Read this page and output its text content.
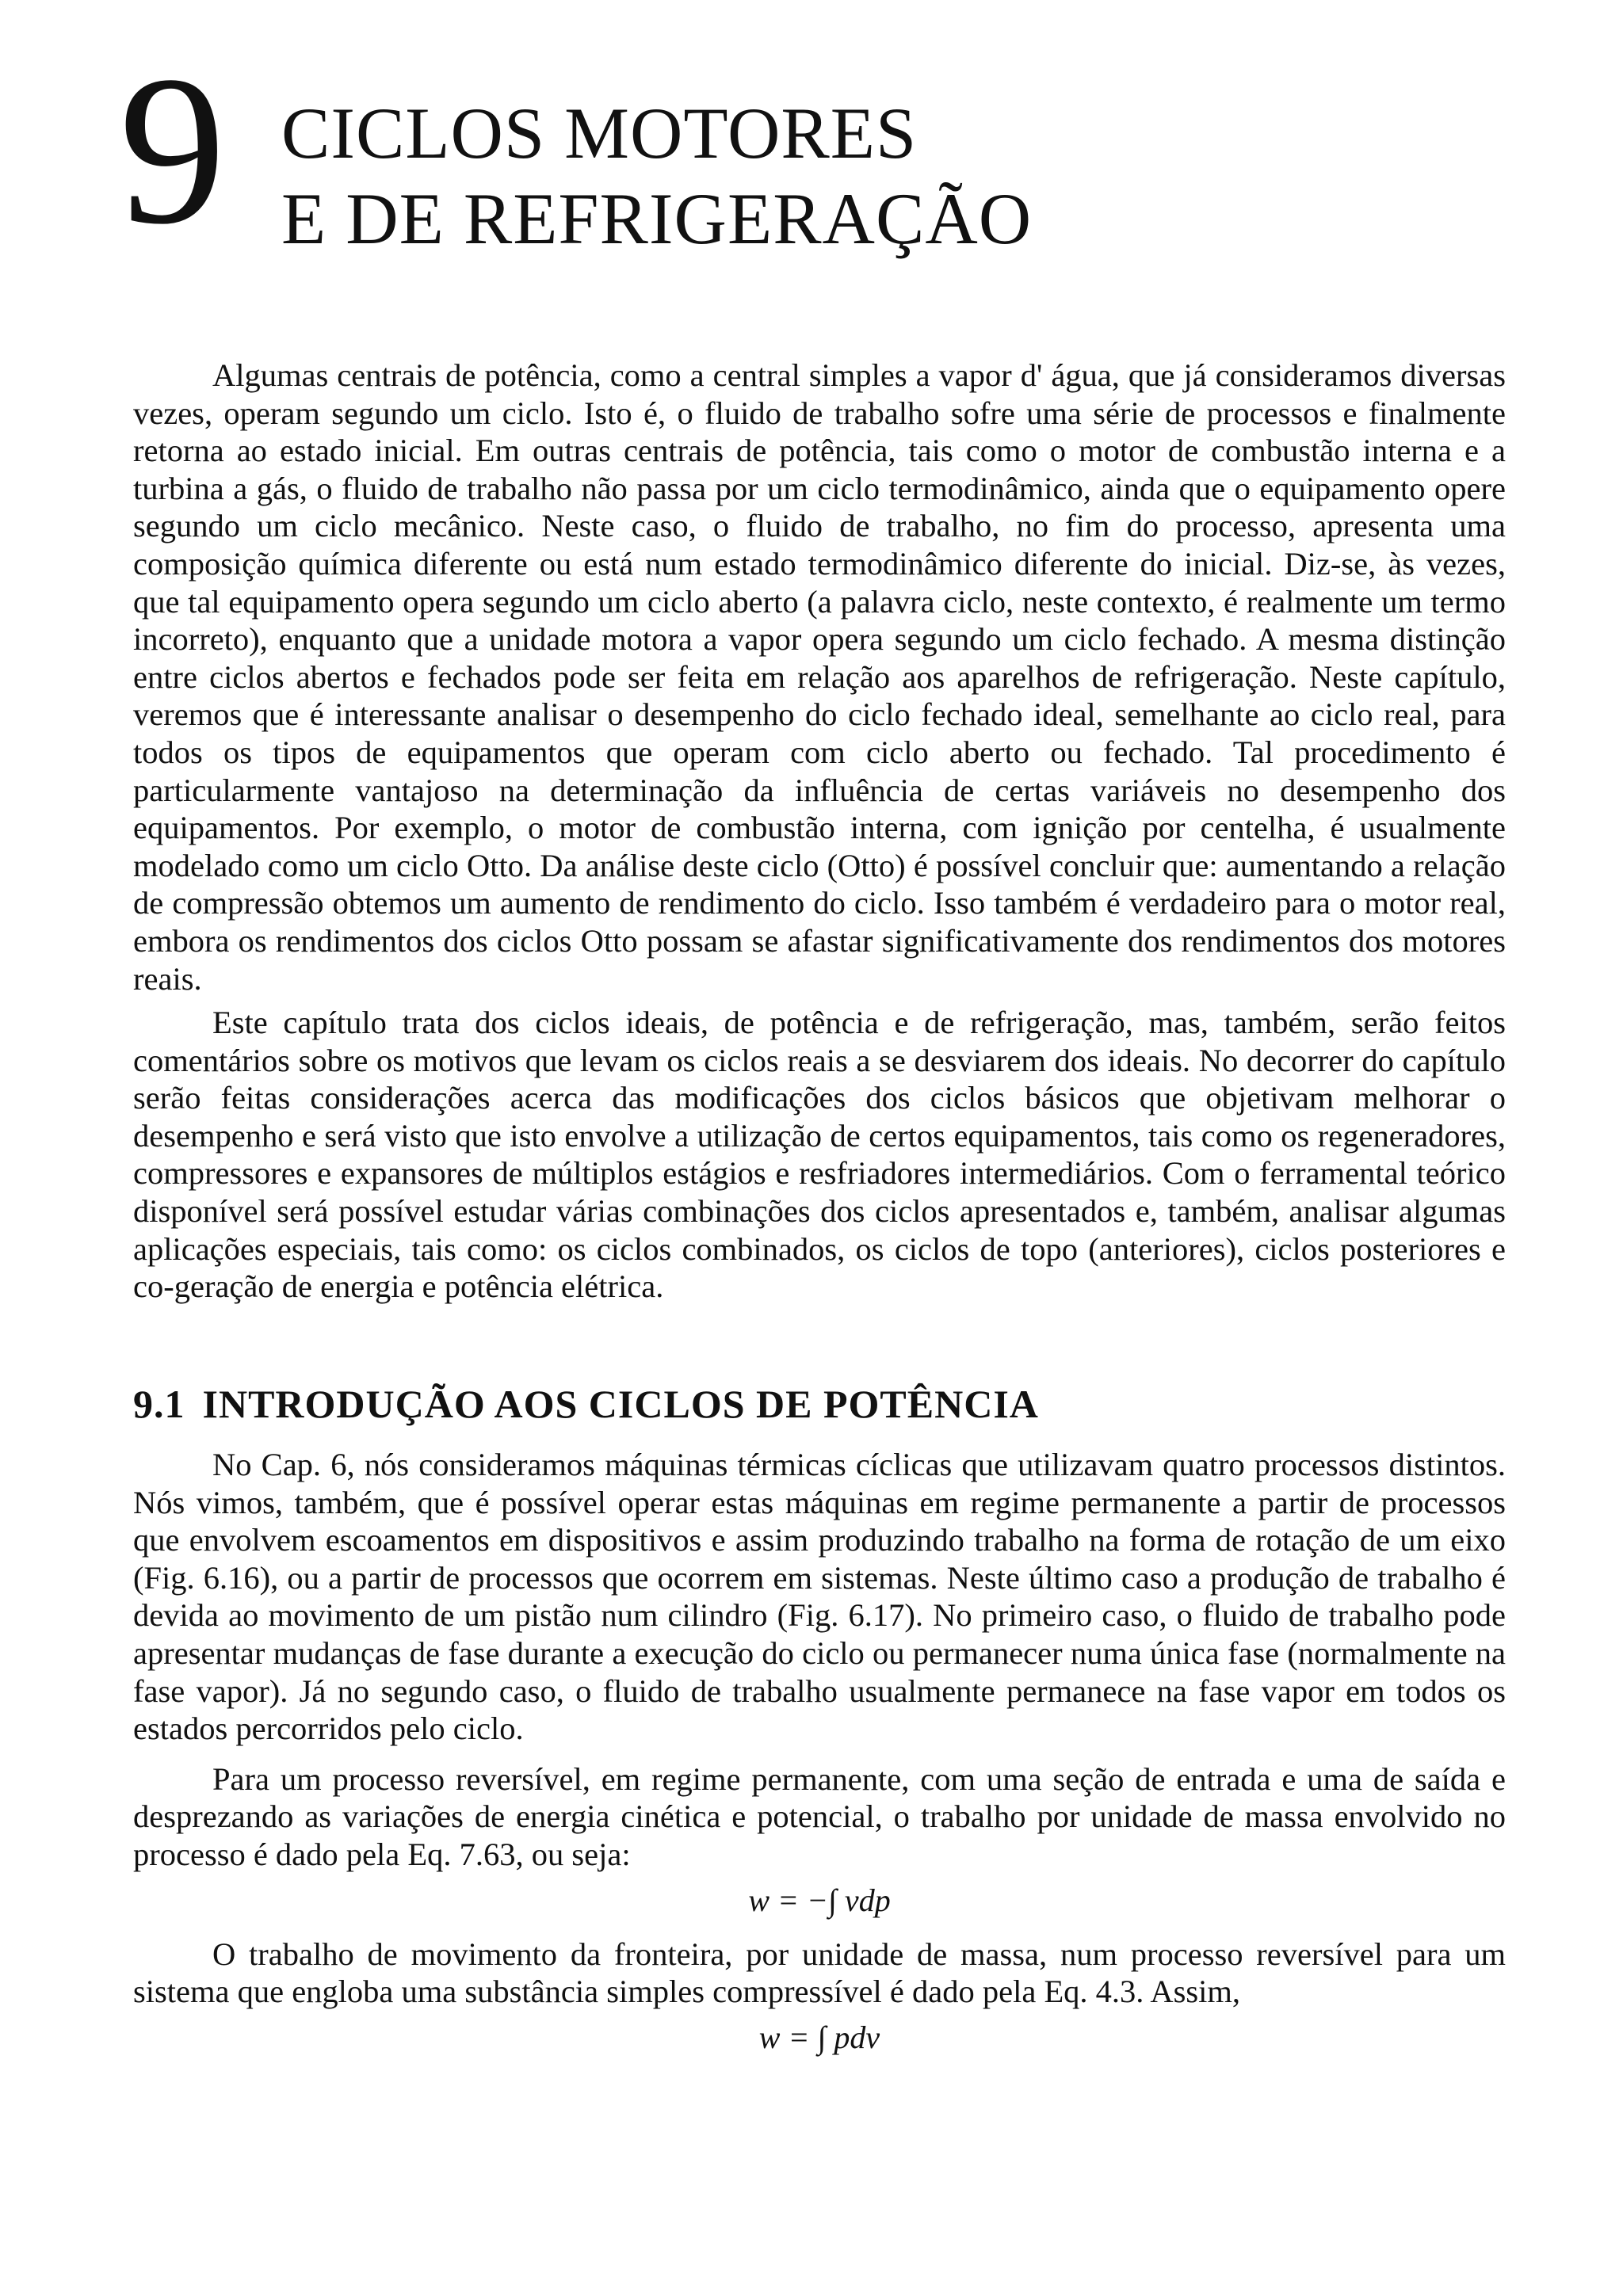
9 CICLOS MOTORES
E DE REFRIGERAÇÃO

Algumas centrais de potência, como a central simples a vapor d' água, que já consideramos diversas vezes, operam segundo um ciclo. Isto é, o fluido de trabalho sofre uma série de processos e finalmente retorna ao estado inicial. Em outras centrais de potência, tais como o motor de combustão interna e a turbina a gás, o fluido de trabalho não passa por um ciclo termodinâmico, ainda que o equipamento opere segundo um ciclo mecânico. Neste caso, o fluido de trabalho, no fim do processo, apresenta uma composição química diferente ou está num estado termodinâmico diferente do inicial. Diz-se, às vezes, que tal equipamento opera segundo um ciclo aberto (a palavra ciclo, neste contexto, é realmente um termo incorreto), enquanto que a unidade motora a vapor opera segundo um ciclo fechado. A mesma distinção entre ciclos abertos e fechados pode ser feita em relação aos aparelhos de refrigeração. Neste capítulo, veremos que é interessante analisar o desempenho do ciclo fechado ideal, semelhante ao ciclo real, para todos os tipos de equipamentos que operam com ciclo aberto ou fechado. Tal procedimento é particularmente vantajoso na determinação da influência de certas variáveis no desempenho dos equipamentos. Por exemplo, o motor de combustão interna, com ignição por centelha, é usualmente modelado como um ciclo Otto. Da análise deste ciclo (Otto) é possível concluir que: aumentando a relação de compressão obtemos um aumento de rendimento do ciclo. Isso também é verdadeiro para o motor real, embora os rendimentos dos ciclos Otto possam se afastar significativamente dos rendimentos dos motores reais.

Este capítulo trata dos ciclos ideais, de potência e de refrigeração, mas, também, serão feitos comentários sobre os motivos que levam os ciclos reais a se desviarem dos ideais. No decorrer do capítulo serão feitas considerações acerca das modificações dos ciclos básicos que objetivam melhorar o desempenho e será visto que isto envolve a utilização de certos equipamentos, tais como os regeneradores, compressores e expansores de múltiplos estágios e resfriadores intermediários. Com o ferramental teórico disponível será possível estudar várias combinações dos ciclos apresentados e, também, analisar algumas aplicações especiais, tais como: os ciclos combinados, os ciclos de topo (anteriores), ciclos posteriores e co-geração de energia e potência elétrica.

9.1 INTRODUÇÃO AOS CICLOS DE POTÊNCIA

No Cap. 6, nós consideramos máquinas térmicas cíclicas que utilizavam quatro processos distintos. Nós vimos, também, que é possível operar estas máquinas em regime permanente a partir de processos que envolvem escoamentos em dispositivos e assim produzindo trabalho na forma de rotação de um eixo (Fig. 6.16), ou a partir de processos que ocorrem em sistemas. Neste último caso a produção de trabalho é devida ao movimento de um pistão num cilindro (Fig. 6.17). No primeiro caso, o fluido de trabalho pode apresentar mudanças de fase durante a execução do ciclo ou permanecer numa única fase (normalmente na fase vapor). Já no segundo caso, o fluido de trabalho usualmente permanece na fase vapor em todos os estados percorridos pelo ciclo.

Para um processo reversível, em regime permanente, com uma seção de entrada e uma de saída e desprezando as variações de energia cinética e potencial, o trabalho por unidade de massa envolvido no processo é dado pela Eq. 7.63, ou seja:

w = −∫ vdp

O trabalho de movimento da fronteira, por unidade de massa, num processo reversível para um sistema que engloba uma substância simples compressível é dado pela Eq. 4.3. Assim,

w = ∫ pdv
